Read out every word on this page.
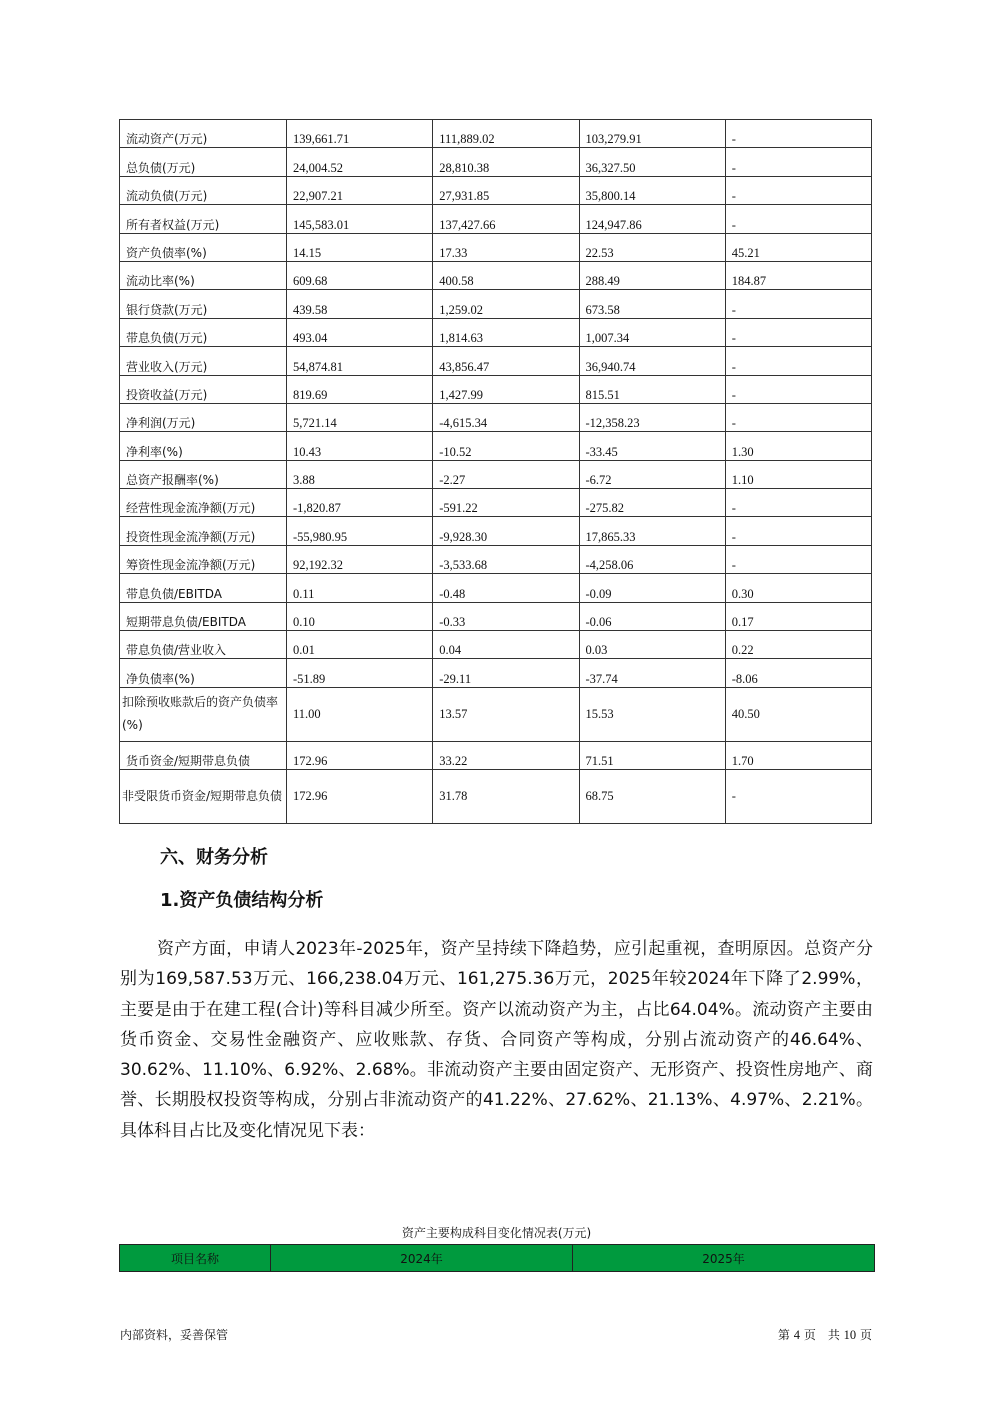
流动资产(万元)	139,661.71	111,889.02	103,279.91	-
总负债(万元)	24,004.52	28,810.38	36,327.50	-
流动负债(万元)	22,907.21	27,931.85	35,800.14	-
所有者权益(万元)	145,583.01	137,427.66	124,947.86	-
资产负债率(%)	14.15	17.33	22.53	45.21
流动比率(%)	609.68	400.58	288.49	184.87
银行贷款(万元)	439.58	1,259.02	673.58	-
带息负债(万元)	493.04	1,814.63	1,007.34	-
营业收入(万元)	54,874.81	43,856.47	36,940.74	-
投资收益(万元)	819.69	1,427.99	815.51	-
净利润(万元)	5,721.14	-4,615.34	-12,358.23	-
净利率(%)	10.43	-10.52	-33.45	1.30
总资产报酬率(%)	3.88	-2.27	-6.72	1.10
经营性现金流净额(万元)	-1,820.87	-591.22	-275.82	-
投资性现金流净额(万元)	-55,980.95	-9,928.30	17,865.33	-
筹资性现金流净额(万元)	92,192.32	-3,533.68	-4,258.06	-
带息负债/EBITDA	0.11	-0.48	-0.09	0.30
短期带息负债/EBITDA	0.10	-0.33	-0.06	0.17
带息负债/营业收入	0.01	0.04	0.03	0.22
净负债率(%)	-51.89	-29.11	-37.74	-8.06
扣除预收账款后的资产负债率(%)	11.00	13.57	15.53	40.50
货币资金/短期带息负债	172.96	33.22	71.51	1.70
非受限货币资金/短期带息负债	172.96	31.78	68.75	-
六、财务分析
1.资产负债结构分析

资产方面，申请人2023年-2025年，资产呈持续下降趋势，应引起重视，查明原因。总资产分别为169,587.53万元、166,238.04万元、161,275.36万元，2025年较2024年下降了2.99%，主要是由于在建工程(合计)等科目减少所至。资产以流动资产为主，占比64.04%。流动资产主要由货币资金、交易性金融资产、应收账款、存货、合同资产等构成，分别占流动资产的46.64%、30.62%、11.10%、6.92%、2.68%。非流动资产主要由固定资产、无形资产、投资性房地产、商誉、长期股权投资等构成，分别占非流动资产的41.22%、27.62%、21.13%、4.97%、2.21%。具体科目占比及变化情况见下表：

资产主要构成科目变化情况表(万元)
项目名称	2024年	2025年
内部资料，妥善保管	第 4 页　共 10 页
